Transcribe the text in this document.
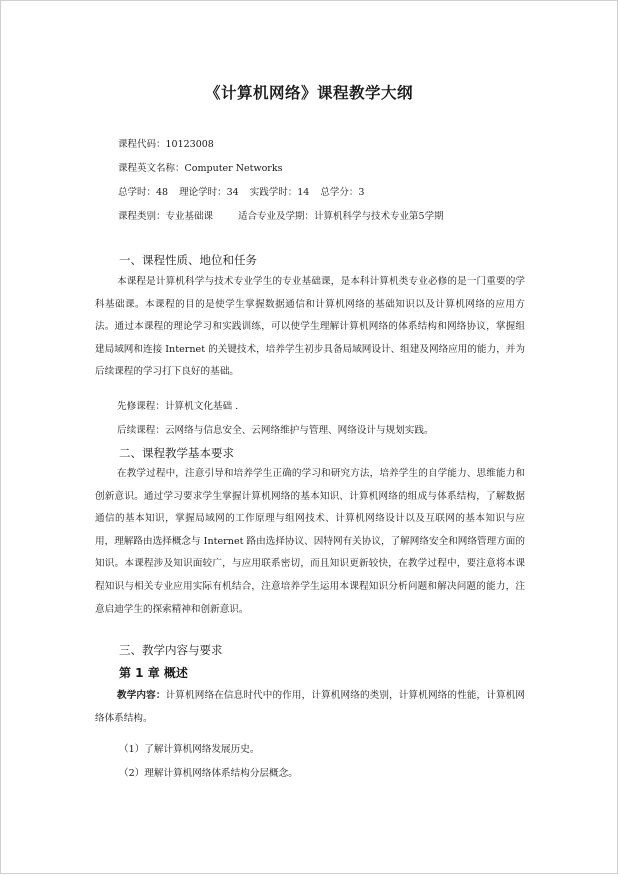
《计算机网络》课程教学大纲
课程代码：10123008
课程英文名称：Computer Networks
总学时：48 理论学时：34 实践学时：14 总学分：3
课程类别：专业基础课	适合专业及学期：计算机科学与技术专业第5学期
一、课程性质、地位和任务
本课程是计算机科学与技术专业学生的专业基础课，是本科计算机类专业必修的是一门重要的学科基础课。本课程的目的是使学生掌握数据通信和计算机网络的基础知识以及计算机网络的应用方法。通过本课程的理论学习和实践训练，可以使学生理解计算机网络的体系结构和网络协议，掌握组建局域网和连接 Internet 的关键技术，培养学生初步具备局域网设计、组建及网络应用的能力，并为后续课程的学习打下良好的基础。
先修课程：计算机文化基础 .
后续课程：云网络与信息安全、云网络维护与管理、网络设计与规划实践。
二、课程教学基本要求
在教学过程中，注意引导和培养学生正确的学习和研究方法，培养学生的自学能力、思维能力和创新意识。通过学习要求学生掌握计算机网络的基本知识、计算机网络的组成与体系结构，了解数据通信的基本知识，掌握局域网的工作原理与组网技术、计算机网络设计以及互联网的基本知识与应用，理解路由选择概念与 Internet 路由选择协议、因特网有关协议，了解网络安全和网络管理方面的知识。本课程涉及知识面较广，与应用联系密切，而且知识更新较快，在教学过程中，要注意将本课程知识与相关专业应用实际有机结合，注意培养学生运用本课程知识分析问题和解决问题的能力，注意启迪学生的探索精神和创新意识。
三、教学内容与要求
第 1 章 概述
教学内容：计算机网络在信息时代中的作用，计算机网络的类别，计算机网络的性能，计算机网络体系结构。
（1）了解计算机网络发展历史。
（2）理解计算机网络体系结构分层概念。
